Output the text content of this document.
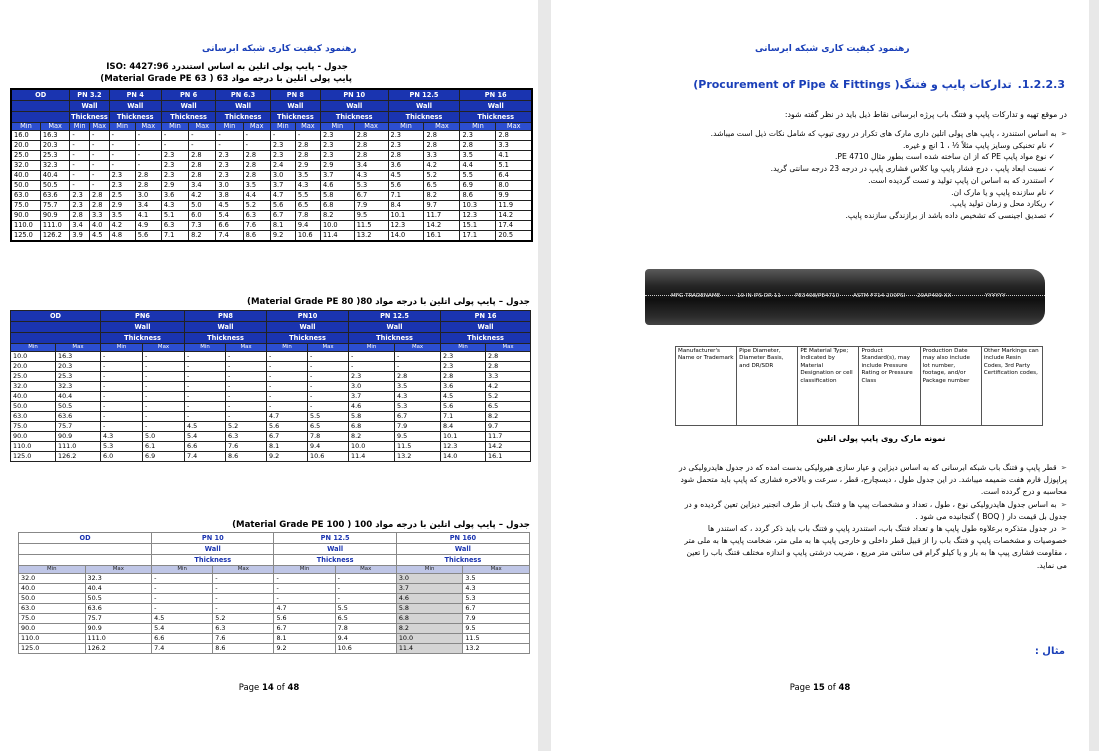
رهنمود کیفیت کاری شبکه ابرسانی
جدول - پایپ پولی اتلین به اساس استندرد ISO: 4427:96
پایپ پولی اتلین با درجه مواد 63 ( Material Grade PE 63)
OD		PN 3.2		PN 4		PN 6		PN 6.3		PN 8		PN 10		PN 12.5		PN 16	
		Wall		Wall		Wall		Wall		Wall		Wall		Wall		Wall	
		Thickness		Thickness		Thickness		Thickness		Thickness		Thickness		Thickness		Thickness	
Min	Max	Min	Max	Min	Max	Min	Max	Min	Max	Min	Max	Min	Max	Min	Max	Min	Max
16.0	16.3	-	-	-	-	-	-	-	-	-	-	2.3	2.8	2.3	2.8	2.3	2.8
20.0	20.3	-	-	-	-	-	-	-	-	2.3	2.8	2.3	2.8	2.3	2.8	2.8	3.3
25.0	25.3	-	-	-	-	2.3	2.8	2.3	2.8	2.3	2.8	2.3	2.8	2.8	3.3	3.5	4.1
32.0	32.3	-	-	-	-	2.3	2.8	2.3	2.8	2.4	2.9	2.9	3.4	3.6	4.2	4.4	5.1
40.0	40.4	-	-	2.3	2.8	2.3	2.8	2.3	2.8	3.0	3.5	3.7	4.3	4.5	5.2	5.5	6.4
50.0	50.5	-	-	2.3	2.8	2.9	3.4	3.0	3.5	3.7	4.3	4.6	5.3	5.6	6.5	6.9	8.0
63.0	63.6	2.3	2.8	2.5	3.0	3.6	4.2	3.8	4.4	4.7	5.5	5.8	6.7	7.1	8.2	8.6	9.9
75.0	75.7	2.3	2.8	2.9	3.4	4.3	5.0	4.5	5.2	5.6	6.5	6.8	7.9	8.4	9.7	10.3	11.9
90.0	90.9	2.8	3.3	3.5	4.1	5.1	6.0	5.4	6.3	6.7	7.8	8.2	9.5	10.1	11.7	12.3	14.2
110.0	111.0	3.4	4.0	4.2	4.9	6.3	7.3	6.6	7.6	8.1	9.4	10.0	11.5	12.3	14.2	15.1	17.4
125.0	126.2	3.9	4.5	4.8	5.6	7.1	8.2	7.4	8.6	9.2	10.6	11.4	13.2	14.0	16.1	17.1	20.5
جدول – پایپ پولی اتلین با درجه مواد 80( Material Grade PE 80)
OD		PN6		PN8		PN10		PN 12.5		PN 16	
		Wall		Wall		Wall		Wall		Wall	
		Thickness		Thickness		Thickness		Thickness		Thickness	
Min	Max	Min	Max	Min	Max	Min	Max	Min	Max	Min	Max
10.0	16.3	-	-	-	-	-	-	-	-	2.3	2.8
20.0	20.3	-	-	-	-	-	-	-	-	2.3	2.8
25.0	25.3	-	-	-	-	-	-	2.3	2.8	2.8	3.3
32.0	32.3	-	-	-	-	-	-	3.0	3.5	3.6	4.2
40.0	40.4	-	-	-	-	-	-	3.7	4.3	4.5	5.2
50.0	50.5	-	-	-	-	-	-	4.6	5.3	5.6	6.5
63.0	63.6	-	-	-	-	4.7	5.5	5.8	6.7	7.1	8.2
75.0	75.7	-	-	4.5	5.2	5.6	6.5	6.8	7.9	8.4	9.7
90.0	90.9	4.3	5.0	5.4	6.3	6.7	7.8	8.2	9.5	10.1	11.7
110.0	111.0	5.3	6.1	6.6	7.6	8.1	9.4	10.0	11.5	12.3	14.2
125.0	126.2	6.0	6.9	7.4	8.6	9.2	10.6	11.4	13.2	14.0	16.1
جدول – پایپ پولی اتلین با درجه مواد 100 ( Material Grade PE 100)
OD		PN 10		PN 12.5		PN 160	
		Wall		Wall		Wall	
		Thickness		Thickness		Thickness	
Min	Max	Min	Max	Min	Max	Min	Max
32.0	32.3	-	-	-	-	3.0	3.5
40.0	40.4	-	-	-	-	3.7	4.3
50.0	50.5	-	-	-	-	4.6	5.3
63.0	63.6	-	-	4.7	5.5	5.8	6.7
75.0	75.7	4.5	5.2	5.6	6.5	6.8	7.9
90.0	90.9	5.4	6.3	6.7	7.8	8.2	9.5
110.0	111.0	6.6	7.6	8.1	9.4	10.0	11.5
125.0	126.2	7.4	8.6	9.2	10.6	11.4	13.2
Page 14 of 48
رهنمود کیفیت کاری شبکه ابرسانی
1.2.2.3.تدارکات پایپ و فتنگ( Procurement of Pipe & Fittings)
در موقع تهیه و تدارکات پایپ و فتنگ باب پرژه ابرسانی نقاط ذیل باید در نظر گفته شود:
➢به اساس استندرد ، پایپ های پولی اتلین داری مارک های تکرار در روی تیوپ که شامل نکات ذیل است میباشد.
✓ نام تخنیکی وسایز پایپ مثلاً ½ ، 1 انچ و غیره.
✓ نوع مواد پایپ PE که از ان ساخته شده است بطور مثال PE 4710.
✓ نسبت ابعاد پایپ ، درج فشار پایپ ویا کلاس فشاری پایپ در درجه 23 درجه سانتی گرید.
✓ استندرد که به اساس ان پایپ تولید و تست گردیده است.
✓ نام سازنده پایپ و یا مارک ان.
✓ ریکارد محل و زمان تولید پایپ.
✓ تصدیق اجینسی که تشخیص داده باشد از برازندگی سازنده پایپ.
MFG TRADENAME	10 IN IPS DR 11	PE3408/PE4710 ASTM F714 200PSI 20AP409 XX	YYYYYY
Manufacturer's Name or Trademark	Pipe Diameter, Diameter Basis, and DR/SDR	PE Material Type; Indicated by Material Designation or cell classification	Product Standard(s), may include Pressure Rating or Pressure Class	Production Date may also include lot number, footage, and/or Package number	Other Markings can include Resin Codes, 3rd Party Certification codes,
نمونه مارک روی پایپ پولی اتلین
➢قطر پایپ و فتنگ باب شبکه ابرسانی که به اساس دیزاین و عیار سازی هیرولیکی بدست امده که در جدول هایدرولیکی در
پراپوزل فارم هفت ضمیمه میباشد. در این جدول طول ، دیسچارج، قطر ، سرعت و بالاخره فشاری که پایپ باید متحمل شود
محاسبه و درج گردده است.
➢به اساس جدول هایدرولیکی نوع ، طول ، تعداد و مشخصات پیپ ها و فتنگ باب از طرف انجنیر دیزاین تعین گردیده و در
جدول بل قیمت دار ( BOQ ) گنجانیده می شود .
➢در جدول متذکره برعلاوه طول پایپ ها و تعداد فتنگ باب، استندرد پایپ و فتنگ باب باید ذکر گردد ، که استندر ها
خصوصیات و مشخصات پایپ و فتنگ باب را از قبیل قطر داخلی و خارجی پایپ ها به ملی متر، ضخامت پایپ ها به ملی متر
، مقاومت فشاری پیپ ها به بار و یا کیلو گرام فی سانتی متر مربع ، ضریب درشتی پایپ و اندازه مختلف فتنگ باب را تعین
می نماید.
مثال :
Page 15 of 48
